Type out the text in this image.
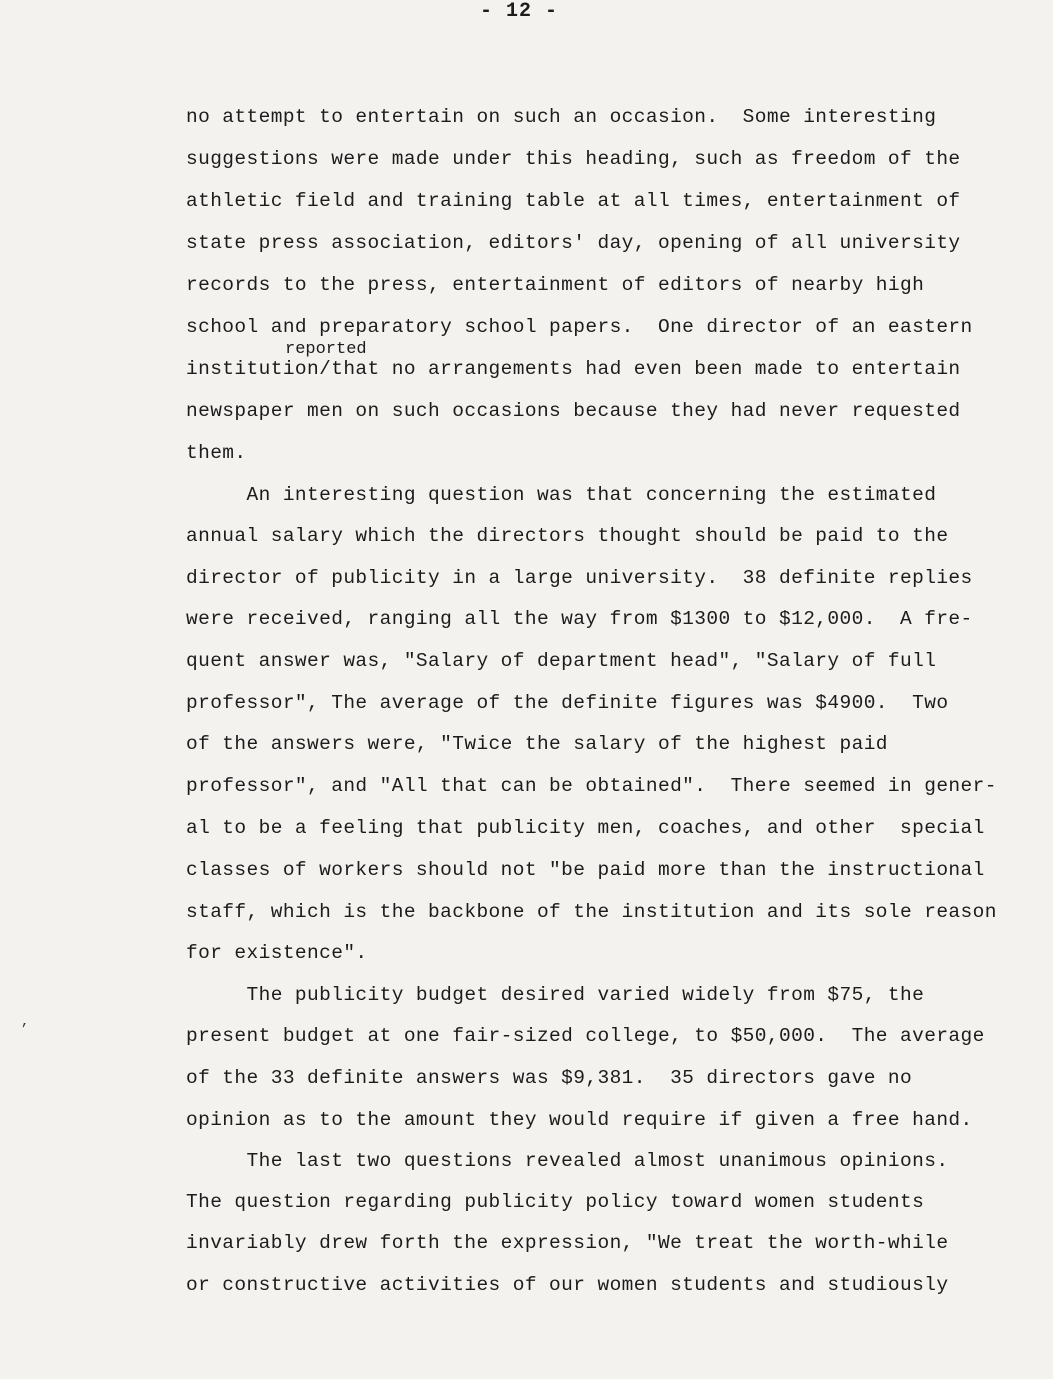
- 12 -
reported
no attempt to entertain on such an occasion.  Some interesting
suggestions were made under this heading, such as freedom of the
athletic field and training table at all times, entertainment of
state press association, editors' day, opening of all university
records to the press, entertainment of editors of nearby high
school and preparatory school papers.  One director of an eastern
institution/that no arrangements had even been made to entertain
newspaper men on such occasions because they had never requested
them.
An interesting question was that concerning the estimated
annual salary which the directors thought should be paid to the
director of publicity in a large university.  38 definite replies
were received, ranging all the way from $1300 to $12,000.  A fre-
quent answer was, "Salary of department head", "Salary of full
professor", The average of the definite figures was $4900.  Two
of the answers were, "Twice the salary of the highest paid
professor", and "All that can be obtained".  There seemed in gener-
al to be a feeling that publicity men, coaches, and other  special
classes of workers should not "be paid more than the instructional
staff, which is the backbone of the institution and its sole reason
for existence".
The publicity budget desired varied widely from $75, the
present budget at one fair-sized college, to $50,000.  The average
of the 33 definite answers was $9,381.  35 directors gave no
opinion as to the amount they would require if given a free hand.
The last two questions revealed almost unanimous opinions.
The question regarding publicity policy toward women students
invariably drew forth the expression, "We treat the worth-while
or constructive activities of our women students and studiously
’
